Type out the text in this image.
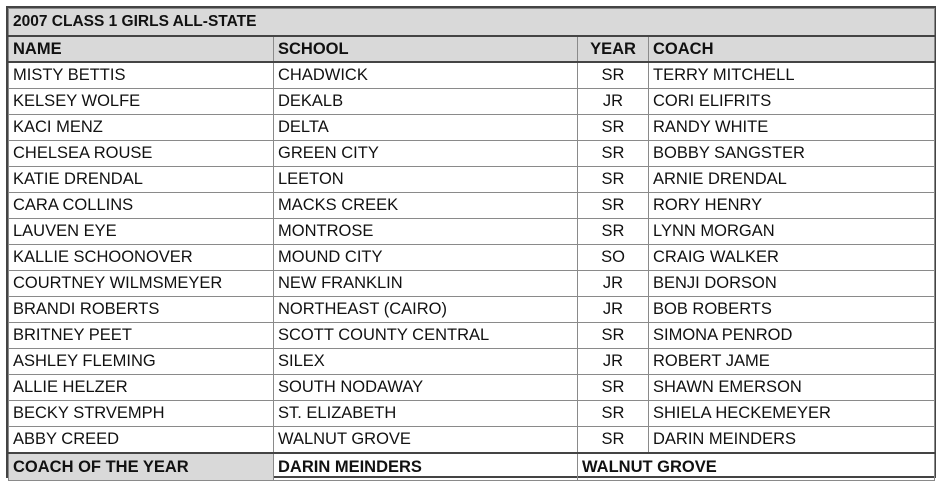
2007 CLASS 1 GIRLS ALL-STATE			
NAME	SCHOOL	YEAR	COACH
MISTY BETTIS	CHADWICK	SR	TERRY MITCHELL
KELSEY WOLFE	DEKALB	JR	CORI ELIFRITS
KACI MENZ	DELTA	SR	RANDY WHITE
CHELSEA ROUSE	GREEN CITY	SR	BOBBY SANGSTER
KATIE DRENDAL	LEETON	SR	ARNIE DRENDAL
CARA COLLINS	MACKS CREEK	SR	RORY HENRY
LAUVEN EYE	MONTROSE	SR	LYNN MORGAN
KALLIE SCHOONOVER	MOUND CITY	SO	CRAIG WALKER
COURTNEY WILMSMEYER	NEW FRANKLIN	JR	BENJI DORSON
BRANDI ROBERTS	NORTHEAST (CAIRO)	JR	BOB ROBERTS
BRITNEY PEET	SCOTT COUNTY CENTRAL	SR	SIMONA PENROD
ASHLEY FLEMING	SILEX	JR	ROBERT JAME
ALLIE HELZER	SOUTH NODAWAY	SR	SHAWN EMERSON
BECKY STRVEMPH	ST. ELIZABETH	SR	SHIELA HECKEMEYER
ABBY CREED	WALNUT GROVE	SR	DARIN MEINDERS
COACH OF THE YEAR	DARIN MEINDERS	WALNUT GROVE	
